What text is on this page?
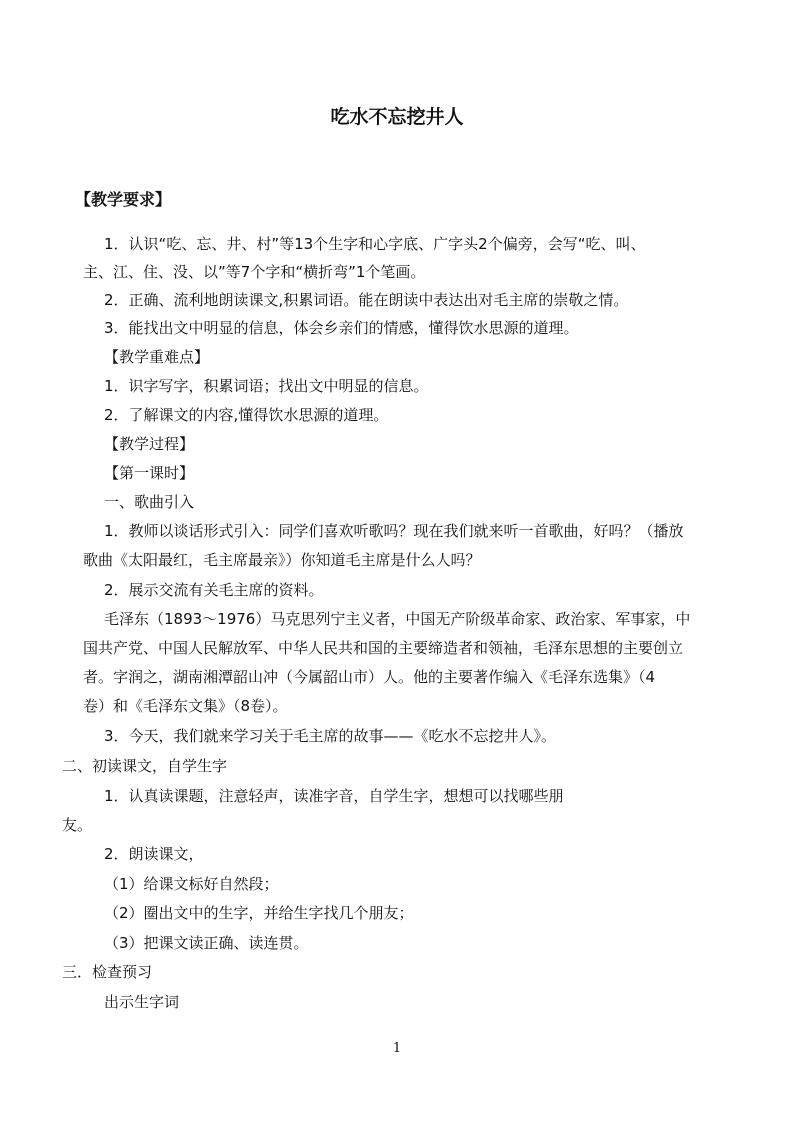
吃水不忘挖井人
【教学要求】
1．认识“吃、忘、井、村”等13个生字和心字底、广字头2个偏旁，会写“吃、叫、
主、江、住、没、以”等7个字和“横折弯”1个笔画。
2．正确、流利地朗读课文,积累词语。能在朗读中表达出对毛主席的崇敬之情。
3．能找出文中明显的信息，体会乡亲们的情感，懂得饮水思源的道理。
【教学重难点】
1．识字写字，积累词语；找出文中明显的信息。
2．了解课文的内容,懂得饮水思源的道理。
【教学过程】
【第一课时】
一、歌曲引入
1．教师以谈话形式引入：同学们喜欢听歌吗？现在我们就来听一首歌曲，好吗？（播放
歌曲《太阳最红，毛主席最亲》）你知道毛主席是什么人吗？
2．展示交流有关毛主席的资料。
毛泽东（1893～1976）马克思列宁主义者，中国无产阶级革命家、政治家、军事家，中
国共产党、中国人民解放军、中华人民共和国的主要缔造者和领袖，毛泽东思想的主要创立
者。字润之，湖南湘潭韶山冲（今属韶山市）人。他的主要著作编入《毛泽东选集》（4
卷）和《毛泽东文集》（8卷）。
3．今天，我们就来学习关于毛主席的故事——《吃水不忘挖井人》。
二、初读课文，自学生字
1．认真读课题，注意轻声，读准字音，自学生字，想想可以找哪些朋
友。
2．朗读课文，
（1）给课文标好自然段；
（2）圈出文中的生字，并给生字找几个朋友；
（3）把课文读正确、读连贯。
三．检查预习
出示生字词
1
